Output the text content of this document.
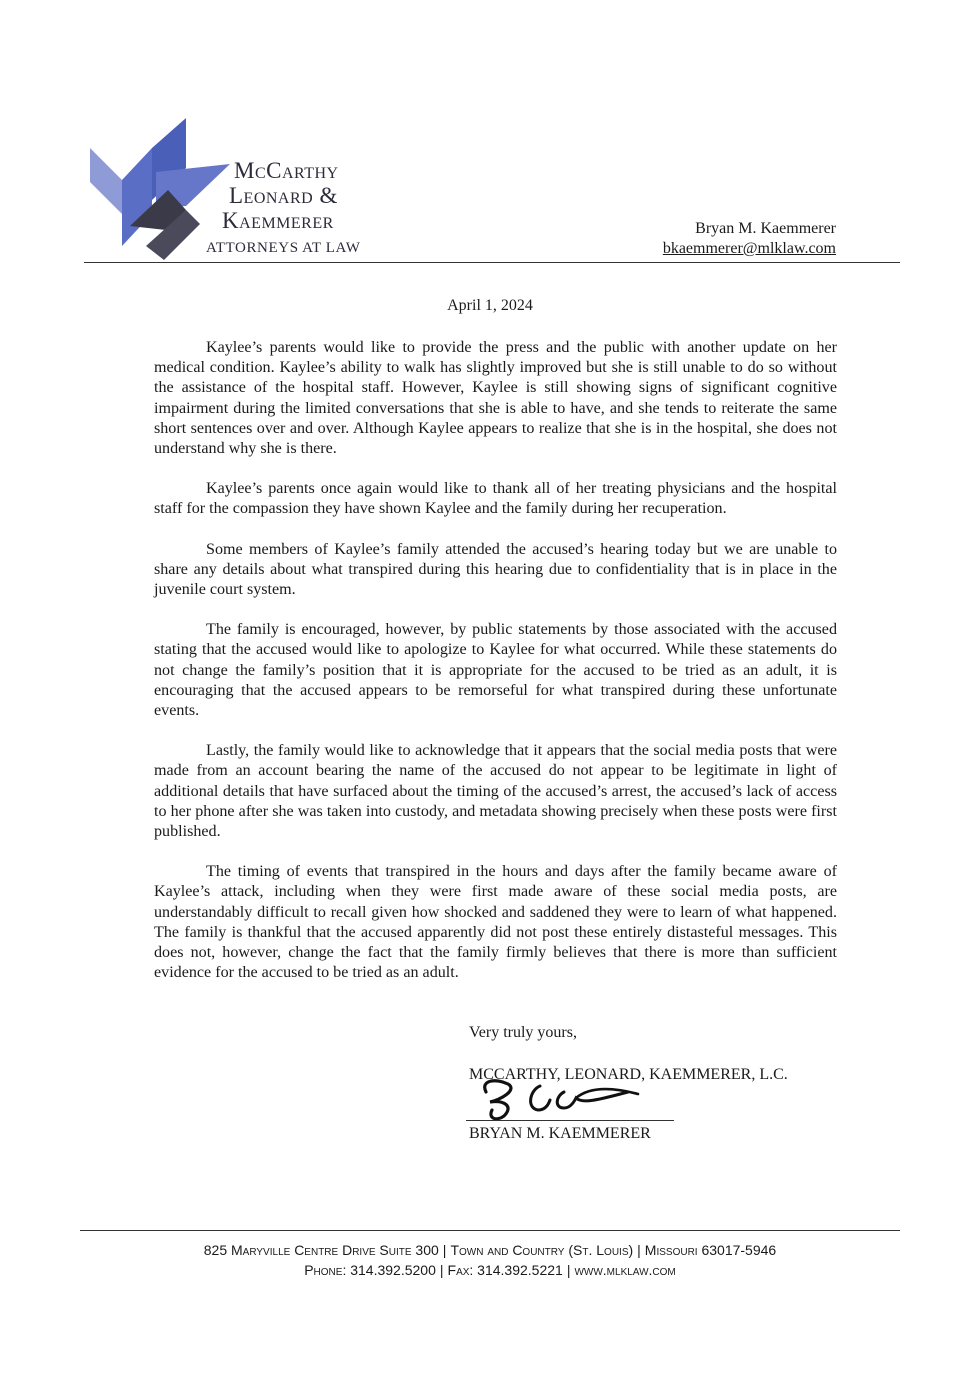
McCarthy
Leonard &
Kaemmerer
ATTORNEYS AT LAW
Bryan M. Kaemmerer
bkaemmerer@mlklaw.com
April 1, 2024

Kaylee’s parents would like to provide the press and the public with another update on her medical condition. Kaylee’s ability to walk has slightly improved but she is still unable to do so without the assistance of the hospital staff. However, Kaylee is still showing signs of significant cognitive impairment during the limited conversations that she is able to have, and she tends to reiterate the same short sentences over and over. Although Kaylee appears to realize that she is in the hospital, she does not understand why she is there.

Kaylee’s parents once again would like to thank all of her treating physicians and the hospital staff for the compassion they have shown Kaylee and the family during her recuperation.

Some members of Kaylee’s family attended the accused’s hearing today but we are unable to share any details about what transpired during this hearing due to confidentiality that is in place in the juvenile court system.

The family is encouraged, however, by public statements by those associated with the accused stating that the accused would like to apologize to Kaylee for what occurred. While these statements do not change the family’s position that it is appropriate for the accused to be tried as an adult, it is encouraging that the accused appears to be remorseful for what transpired during these unfortunate events.

Lastly, the family would like to acknowledge that it appears that the social media posts that were made from an account bearing the name of the accused do not appear to be legitimate in light of additional details that have surfaced about the timing of the accused’s arrest, the accused’s lack of access to her phone after she was taken into custody, and metadata showing precisely when these posts were first published.

The timing of events that transpired in the hours and days after the family became aware of Kaylee’s attack, including when they were first made aware of these social media posts, are understandably difficult to recall given how shocked and saddened they were to learn of what happened. The family is thankful that the accused apparently did not post these entirely distasteful messages. This does not, however, change the fact that the family firmly believes that there is more than sufficient evidence for the accused to be tried as an adult.

Very truly yours,
MCCARTHY, LEONARD, KAEMMERER, L.C.
BRYAN M. KAEMMERER
825 Maryville Centre Drive Suite 300 | Town and Country (St. Louis) | Missouri 63017-5946
Phone: 314.392.5200 | Fax: 314.392.5221 | www.mlklaw.com
